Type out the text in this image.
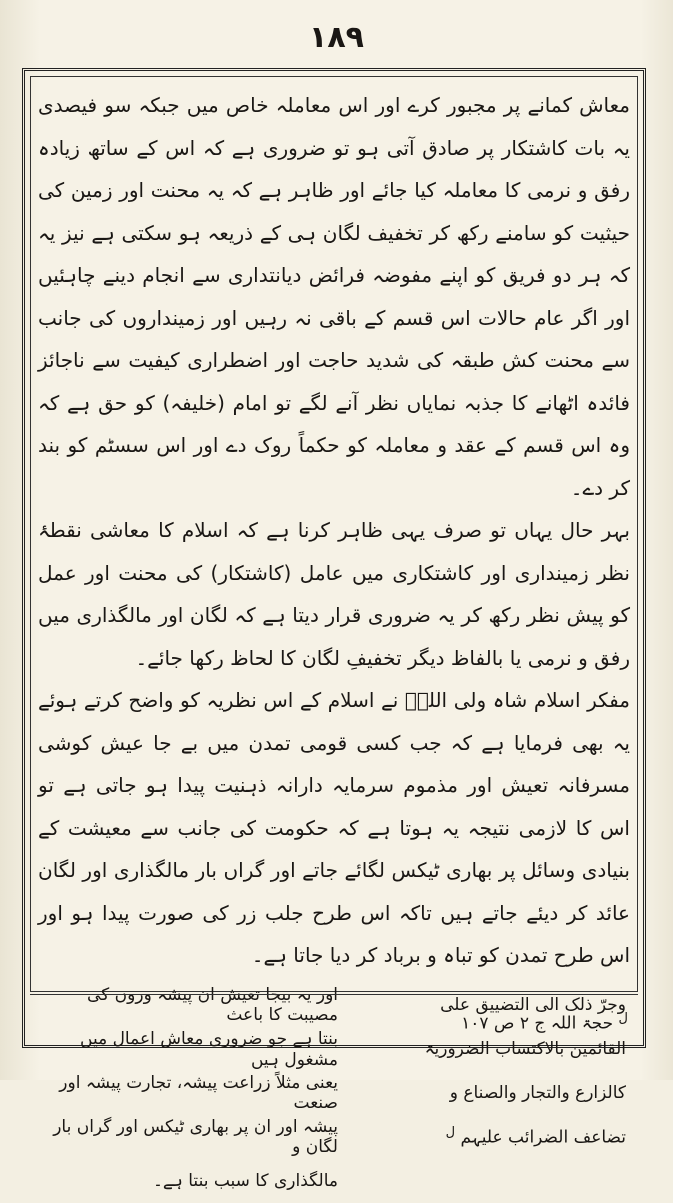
١٨٩

معاش کمانے پر مجبور کرے اور اس معاملہ خاص میں جبکہ سو فیصدی یہ بات کاشتکار پر صادق آتی ہو تو ضروری ہے کہ اس کے ساتھ زیادہ رفق و نرمی کا معاملہ کیا جائے اور ظاہر ہے کہ یہ محنت اور زمین کی حیثیت کو سامنے رکھ کر تخفیف لگان ہی کے ذریعہ ہو سکتی ہے نیز یہ کہ ہر دو فریق کو اپنے مفوضہ فرائض دیانتداری سے انجام دینے چاہئیں اور اگر عام حالات اس قسم کے باقی نہ رہیں اور زمینداروں کی جانب سے محنت کش طبقہ کی شدید حاجت اور اضطراری کیفیت سے ناجائز فائدہ اٹھانے کا جذبہ نمایاں نظر آنے لگے تو امام (خلیفہ) کو حق ہے کہ وہ اس قسم کے عقد و معاملہ کو حکماً روک دے اور اس سسٹم کو بند کر دے۔

بہر حال یہاں تو صرف یہی ظاہر کرنا ہے کہ اسلام کا معاشی نقطۂ نظر زمینداری اور کاشتکاری میں عامل (کاشتکار) کی محنت اور عمل کو پیش نظر رکھ کر یہ ضروری قرار دیتا ہے کہ لگان اور مالگذاری میں رفق و نرمی یا بالفاظ دیگر تخفیفِ لگان کا لحاظ رکھا جائے۔

مفکر اسلام شاہ ولی اللہؒ نے اسلام کے اس نظریہ کو واضح کرتے ہوئے یہ بھی فرمایا ہے کہ جب کسی قومی تمدن میں بے جا عیش کوشی مسرفانہ تعیش اور مذموم سرمایہ دارانہ ذہنیت پیدا ہو جاتی ہے تو اس کا لازمی نتیجہ یہ ہوتا ہے کہ حکومت کی جانب سے معیشت کے بنیادی وسائل پر بھاری ٹیکس لگائے جاتے اور گراں بار مالگذاری اور لگان عائد کر دیئے جاتے ہیں تاکہ اس طرح جلب زر کی صورت پیدا ہو اور اس طرح تمدن کو تباہ و برباد کر دیا جاتا ہے۔

وجرّ ذلک الی التضییق علی
اور یہ بیجا تعیش ان پیشہ وروں کی مصیبت کا باعث
القائمین بالاکتساب الضروریۃ
بنتا ہے جو ضروری معاش اعمال میں مشغول ہیں
کالزارع والتجار والصناع و
یعنی مثلاً زراعت پیشہ، تجارت پیشہ اور صنعت
تضاعف الضرائب علیہم $^ل$
پیشہ اور ان پر بھاری ٹیکس اور گراں بار لگان و
مالگذاری کا سبب بنتا ہے۔
$^ل$ حجۃ اللہ ج ۲ ص ۱۰۷
